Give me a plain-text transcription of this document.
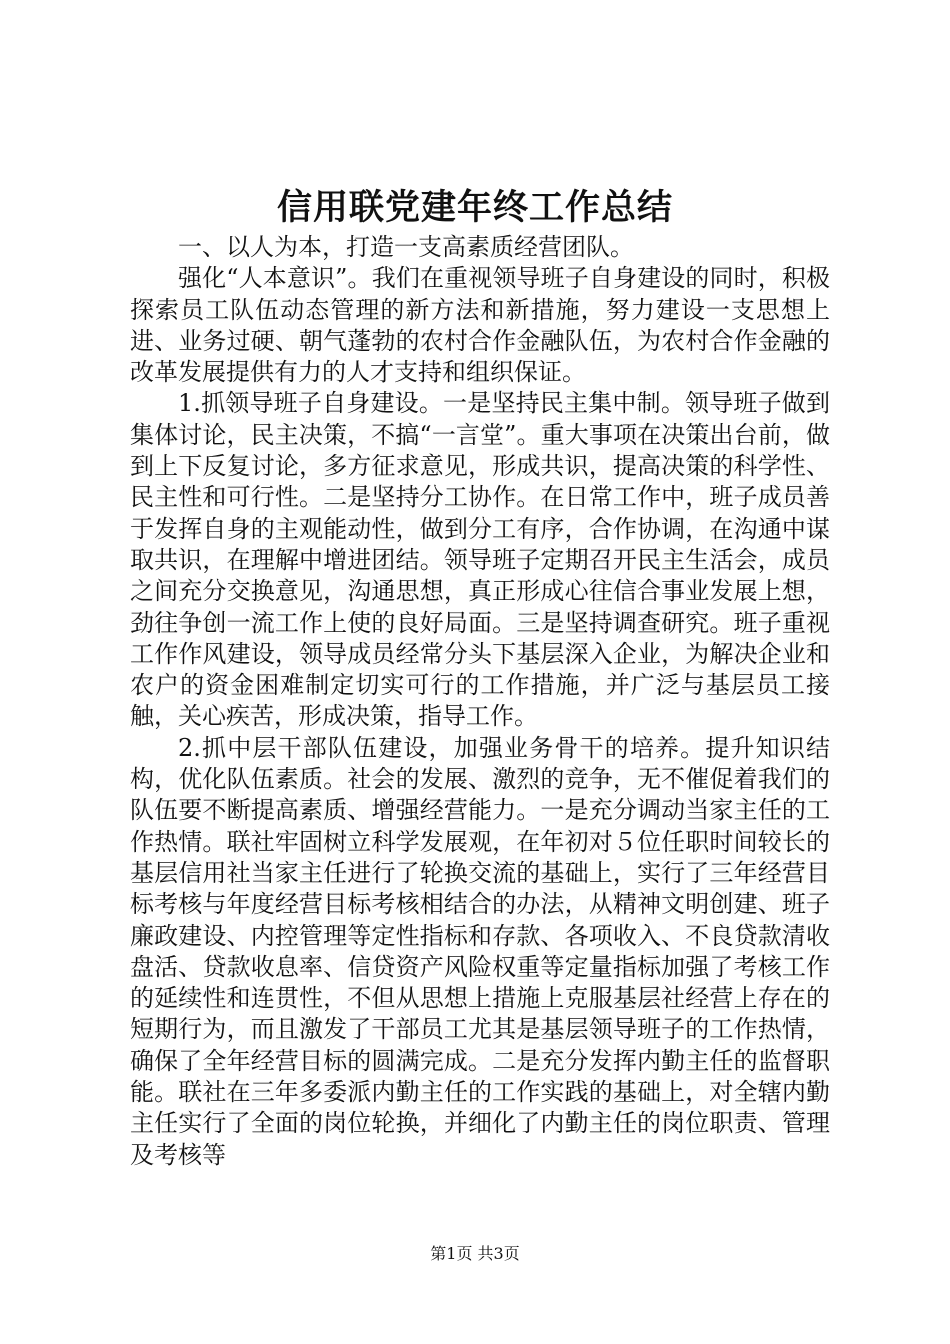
信用联党建年终工作总结

一、以人为本，打造一支高素质经营团队。

强化“人本意识”。我们在重视领导班子自身建设的同时，积极探索员工队伍动态管理的新方法和新措施，努力建设一支思想上进、业务过硬、朝气蓬勃的农村合作金融队伍，为农村合作金融的改革发展提供有力的人才支持和组织保证。

1.抓领导班子自身建设。一是坚持民主集中制。领导班子做到集体讨论，民主决策，不搞“一言堂”。重大事项在决策出台前，做到上下反复讨论，多方征求意见，形成共识，提高决策的科学性、民主性和可行性。二是坚持分工协作。在日常工作中，班子成员善于发挥自身的主观能动性，做到分工有序，合作协调，在沟通中谋取共识，在理解中增进团结。领导班子定期召开民主生活会，成员之间充分交换意见，沟通思想，真正形成心往信合事业发展上想，劲往争创一流工作上使的良好局面。三是坚持调查研究。班子重视工作作风建设，领导成员经常分头下基层深入企业，为解决企业和农户的资金困难制定切实可行的工作措施，并广泛与基层员工接触，关心疾苦，形成决策，指导工作。

2.抓中层干部队伍建设，加强业务骨干的培养。提升知识结构，优化队伍素质。社会的发展、激烈的竞争，无不催促着我们的队伍要不断提高素质、增强经营能力。一是充分调动当家主任的工作热情。联社牢固树立科学发展观，在年初对５位任职时间较长的基层信用社当家主任进行了轮换交流的基础上，实行了三年经营目标考核与年度经营目标考核相结合的办法，从精神文明创建、班子廉政建设、内控管理等定性指标和存款、各项收入、不良贷款清收盘活、贷款收息率、信贷资产风险权重等定量指标加强了考核工作的延续性和连贯性，不但从思想上措施上克服基层社经营上存在的短期行为，而且激发了干部员工尤其是基层领导班子的工作热情，确保了全年经营目标的圆满完成。二是充分发挥内勤主任的监督职能。联社在三年多委派内勤主任的工作实践的基础上，对全辖内勤主任实行了全面的岗位轮换，并细化了内勤主任的岗位职责、管理及考核等

第1页 共3页
